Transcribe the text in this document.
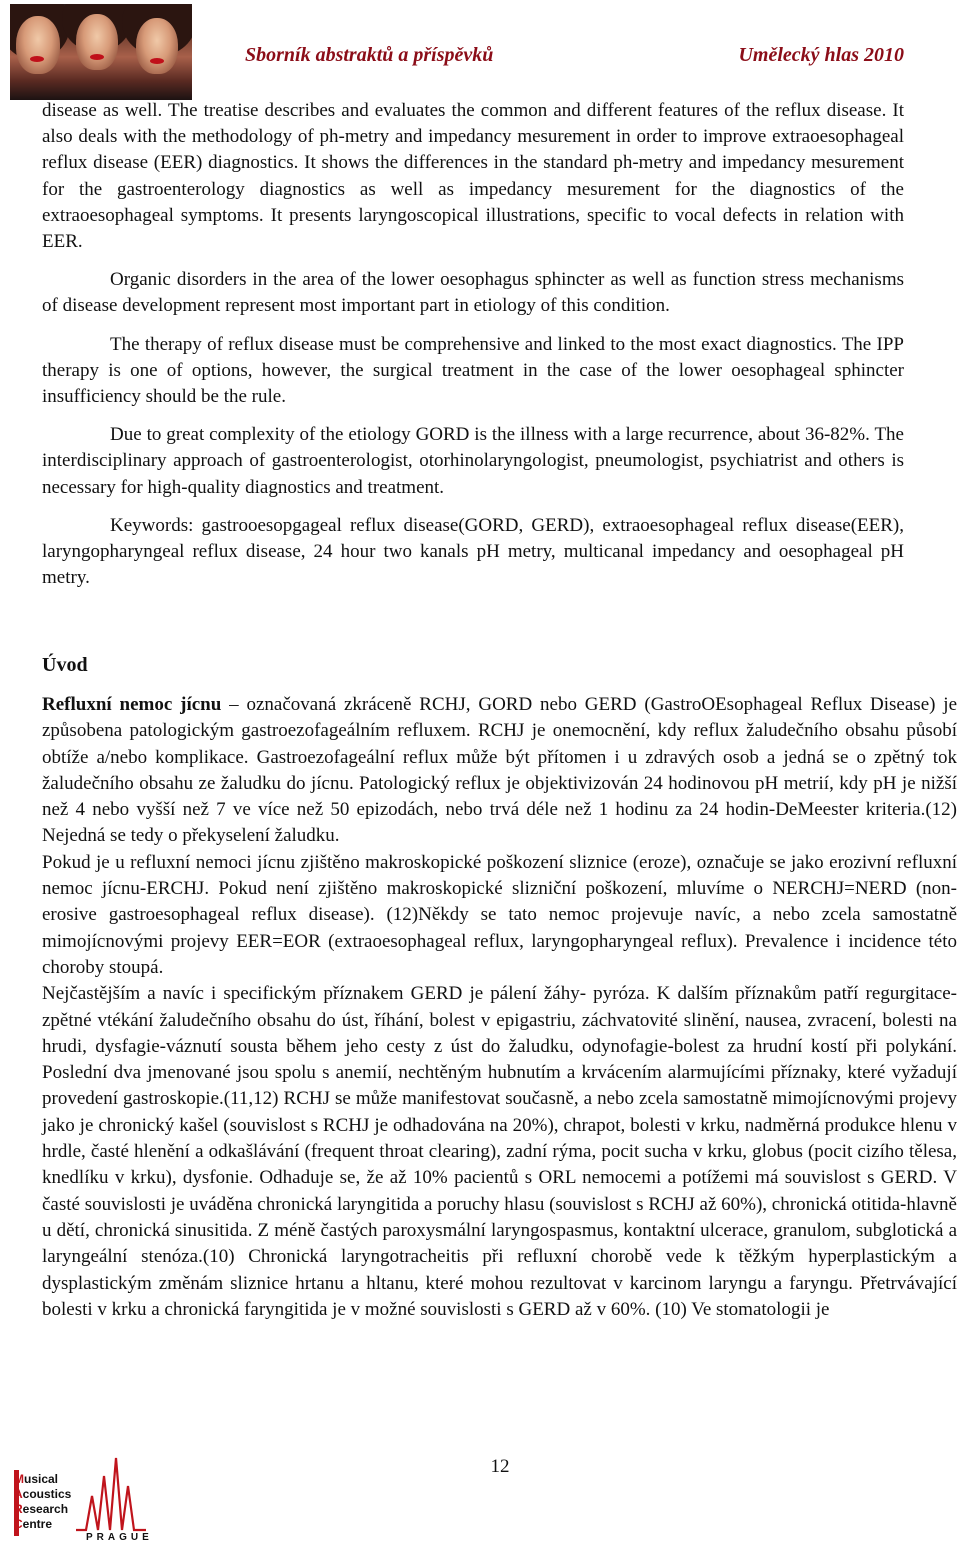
Sborník abstraktů a příspěvků	Umělecký hlas 2010

disease as well. The treatise describes and evaluates the common and different features of the reflux disease. It also deals with the methodology of ph-metry and impedancy mesurement in order to improve extraoesophageal reflux disease (EER) diagnostics. It shows the differences in the standard ph-metry and impedancy mesurement for the gastroenterology diagnostics as well as impedancy mesurement for the diagnostics of the extraoesophageal symptoms. It presents laryngoscopical illustrations, specific to vocal defects in relation with EER.

Organic disorders in the area of the lower oesophagus sphincter as well as function stress mechanisms of disease development represent most important part in etiology of this condition.

The therapy of reflux disease must be comprehensive and linked to the most exact diagnostics. The IPP therapy is one of options, however, the surgical treatment in the case of the lower oesophageal sphincter insufficiency should be the rule.

Due to great complexity of the etiology GORD is the illness with a large recurrence, about 36-82%. The interdisciplinary approach of gastroenterologist, otorhinolaryngologist, pneumologist, psychiatrist and others is necessary for high-quality diagnostics and treatment.

Keywords: gastrooesopgageal reflux disease(GORD, GERD), extraoesophageal reflux disease(EER), laryngopharyngeal reflux disease, 24 hour two kanals pH metry, multicanal impedancy and oesophageal pH metry.

Úvod

Refluxní nemoc jícnu – označovaná zkráceně RCHJ, GORD nebo GERD (GastroOEsophageal Reflux Disease) je způsobena patologickým gastroezofageálním refluxem. RCHJ je onemocnění, kdy reflux žaludečního obsahu působí obtíže a/nebo komplikace. Gastroezofageální reflux může být přítomen i u zdravých osob a jedná se o zpětný tok žaludečního obsahu ze žaludku do jícnu. Patologický reflux je objektivizován 24 hodinovou pH metrií, kdy pH je nižší než 4 nebo vyšší než 7 ve více než 50 epizodách, nebo trvá déle než 1 hodinu za 24 hodin-DeMeester kriteria.(12) Nejedná se tedy o překyselení žaludku.

Pokud je u refluxní nemoci jícnu zjištěno makroskopické poškození sliznice (eroze), označuje se jako erozivní refluxní nemoc jícnu-ERCHJ. Pokud není zjištěno makroskopické slizniční poškození, mluvíme o NERCHJ=NERD (non-erosive gastroesophageal reflux disease). (12)Někdy se tato nemoc projevuje navíc, a nebo zcela samostatně mimojícnovými projevy EER=EOR (extraoesophageal reflux, laryngopharyngeal reflux). Prevalence i incidence této choroby stoupá.

Nejčastějším a navíc i specifickým příznakem GERD je pálení žáhy- pyróza. K dalším příznakům patří regurgitace-zpětné vtékání žaludečního obsahu do úst, říhání, bolest v epigastriu, záchvatovité slinění, nausea, zvracení, bolesti na hrudi, dysfagie-váznutí sousta během jeho cesty z úst do žaludku, odynofagie-bolest za hrudní kostí při polykání. Poslední dva jmenované jsou spolu s anemií, nechtěným hubnutím a krvácením alarmujícími příznaky, které vyžadují provedení gastroskopie.(11,12) RCHJ se může manifestovat současně, a nebo zcela samostatně mimojícnovými projevy jako je chronický kašel (souvislost s RCHJ je odhadována na 20%), chrapot, bolesti v krku, nadměrná produkce hlenu v hrdle, časté hlenění a odkašlávání (frequent throat clearing), zadní rýma, pocit sucha v krku, globus (pocit cizího tělesa, knedlíku v krku), dysfonie. Odhaduje se, že až 10% pacientů s ORL nemocemi a potížemi má souvislost s GERD. V časté souvislosti je uváděna chronická laryngitida a poruchy hlasu (souvislost s RCHJ až 60%), chronická otitida-hlavně u dětí, chronická sinusitida. Z méně častých paroxysmální laryngospasmus, kontaktní ulcerace, granulom, subglotická a laryngeální stenóza.(10) Chronická laryngotracheitis při refluxní chorobě vede k těžkým hyperplastickým a dysplastickým změnám sliznice hrtanu a hltanu, které mohou rezultovat v karcinom laryngu a faryngu. Přetrvávající bolesti v krku a chronická faryngitida je v možné souvislosti s GERD až v 60%. (10) Ve stomatologii je

12
Musical
Acoustics
Research
Centre
PRAGUE
